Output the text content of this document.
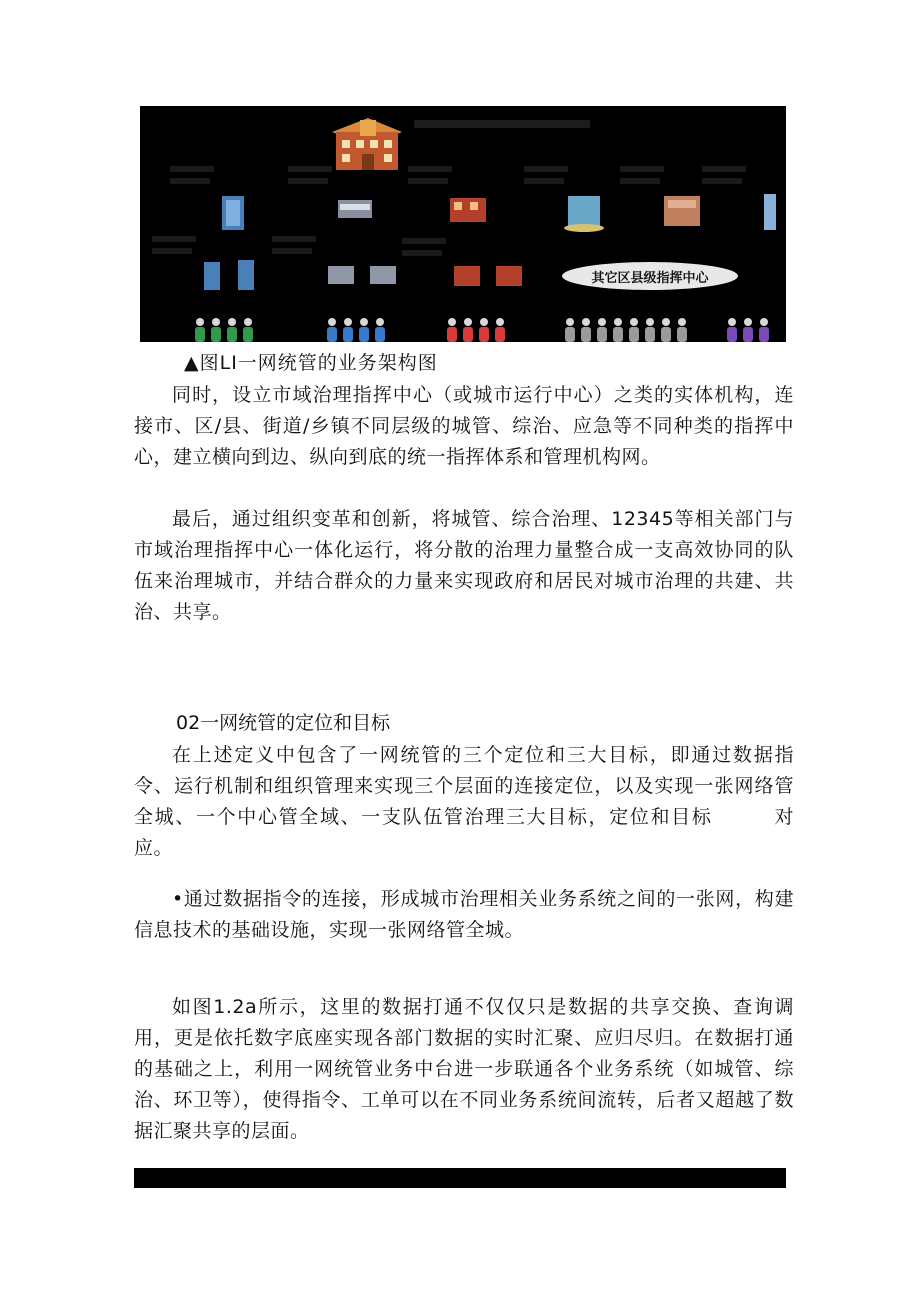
其它区县级指挥中心
▲图LI一网统管的业务架构图

同时，设立市域治理指挥中心（或城市运行中心）之类的实体机构，连接市、区/县、街道/乡镇不同层级的城管、综治、应急等不同种类的指挥中心，建立横向到边、纵向到底的统一指挥体系和管理机构网。

最后，通过组织变革和创新，将城管、综合治理、12345等相关部门与市域治理指挥中心一体化运行，将分散的治理力量整合成一支高效协同的队伍来治理城市，并结合群众的力量来实现政府和居民对城市治理的共建、共治、共享。

02一网统管的定位和目标

在上述定义中包含了一网统管的三个定位和三大目标，即通过数据指令、运行机制和组织管理来实现三个层面的连接定位，以及实现一张网络管全城、一个中心管全域、一支队伍管治理三大目标，定位和目标　　　对应。

•通过数据指令的连接，形成城市治理相关业务系统之间的一张网，构建信息技术的基础设施，实现一张网络管全城。

如图1.2a所示，这里的数据打通不仅仅只是数据的共享交换、查询调用，更是依托数字底座实现各部门数据的实时汇聚、应归尽归。在数据打通的基础之上，利用一网统管业务中台进一步联通各个业务系统（如城管、综治、环卫等），使得指令、工单可以在不同业务系统间流转，后者又超越了数据汇聚共享的层面。
